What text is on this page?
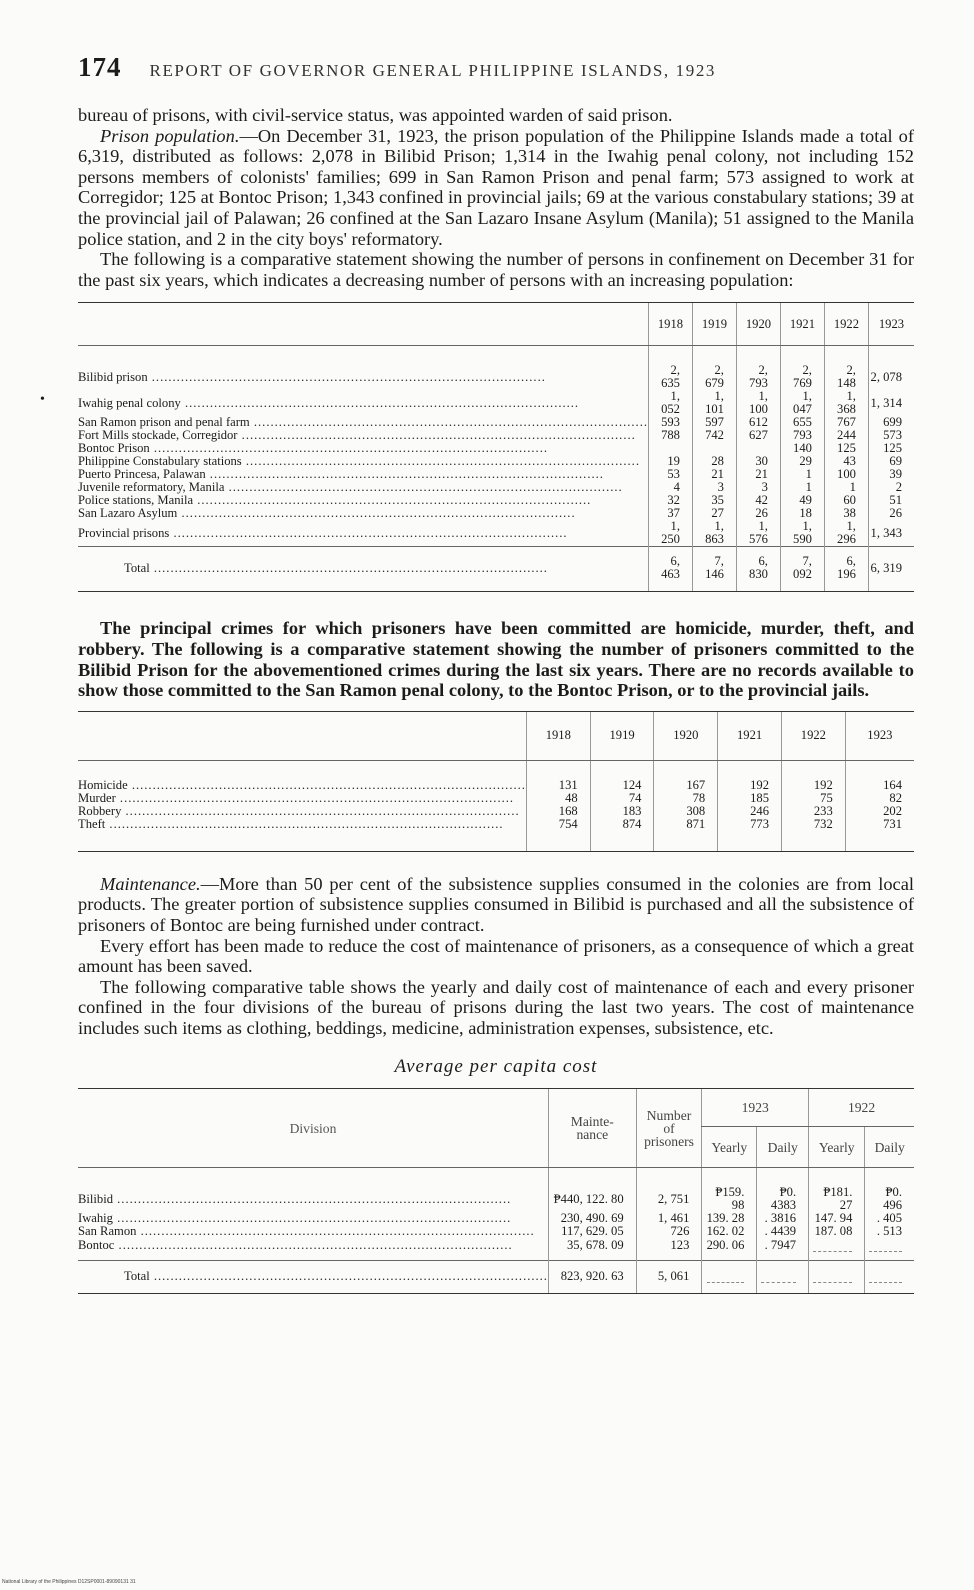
•
174 REPORT OF GOVERNOR GENERAL PHILIPPINE ISLANDS, 1923

bureau of prisons, with civil-service status, was appointed warden of said prison.

Prison population.—On December 31, 1923, the prison population of the Philippine Islands made a total of 6,319, distributed as follows: 2,078 in Bilibid Prison; 1,314 in the Iwahig penal colony, not including 152 persons members of colonists' families; 699 in San Ramon Prison and penal farm; 573 assigned to work at Corregidor; 125 at Bontoc Prison; 1,343 confined in provincial jails; 69 at the various constabulary stations; 39 at the provincial jail of Palawan; 26 confined at the San Lazaro Insane Asylum (Manila); 51 assigned to the Manila police station, and 2 in the city boys' reformatory.

The following is a comparative statement showing the number of persons in confinement on December 31 for the past six years, which indicates a decreasing number of persons with an increasing population:

	1918	1919	1920	1921	1922	1923
Bilibid prison .....	2, 635	2, 679	2, 793	2, 769	2, 148	2, 078
Iwahig penal colony .....	1, 052	1, 101	1, 100	1, 047	1, 368	1, 314
San Ramon prison and penal farm .....	593	597	612	655	767	699
Fort Mills stockade, Corregidor .....	788	742	627	793	244	573
Bontoc Prison .....				140	125	125
Philippine Constabulary stations .....	19	28	30	29	43	69
Puerto Princesa, Palawan .....	53	21	21	1	100	39
Juvenile reformatory, Manila .....	4	3	3	1	1	2
Police stations, Manila .....	32	35	42	49	60	51
San Lazaro Asylum .....	37	27	26	18	38	26
Provincial prisons .....	1, 250	1, 863	1, 576	1, 590	1, 296	1, 343
Total .....	6, 463	7, 146	6, 830	7, 092	6, 196	6, 319

The principal crimes for which prisoners have been committed are homicide, murder, theft, and robbery. The following is a comparative statement showing the number of prisoners committed to the Bilibid Prison for the abovementioned crimes during the last six years. There are no records available to show those committed to the San Ramon penal colony, to the Bontoc Prison, or to the provincial jails.

	1918	1919	1920	1921	1922	1923
Homicide .....	131	124	167	192	192	164
Murder .....	48	74	78	185	75	82
Robbery .....	168	183	308	246	233	202
Theft .....	754	874	871	773	732	731

Maintenance.—More than 50 per cent of the subsistence supplies consumed in the colonies are from local products. The greater portion of subsistence supplies consumed in Bilibid is purchased and all the subsistence of prisoners of Bontoc are being furnished under contract.

Every effort has been made to reduce the cost of maintenance of prisoners, as a consequence of which a great amount has been saved.

The following comparative table shows the yearly and daily cost of maintenance of each and every prisoner confined in the four divisions of the bureau of prisons during the last two years. The cost of maintenance includes such items as clothing, beddings, medicine, administration expenses, subsistence, etc.

Average per capita cost
Division	Mainte-nance	Number of prisoners	1923		1922	
			Yearly	Daily	Yearly	Daily
Bilibid .....	₱440, 122. 80	2, 751	₱159. 98	₱0. 4383	₱181. 27	₱0. 496
Iwahig .....	230, 490. 69	1, 461	139. 28	. 3816	147. 94	. 405
San Ramon .....	117, 629. 05	726	162. 02	. 4439	187. 08	. 513
Bontoc .....	35, 678. 09	123	290. 06	. 7947		
Total .....	823, 920. 63	5, 061				
National Library of the Philippines D12SP0001-89090131 31
